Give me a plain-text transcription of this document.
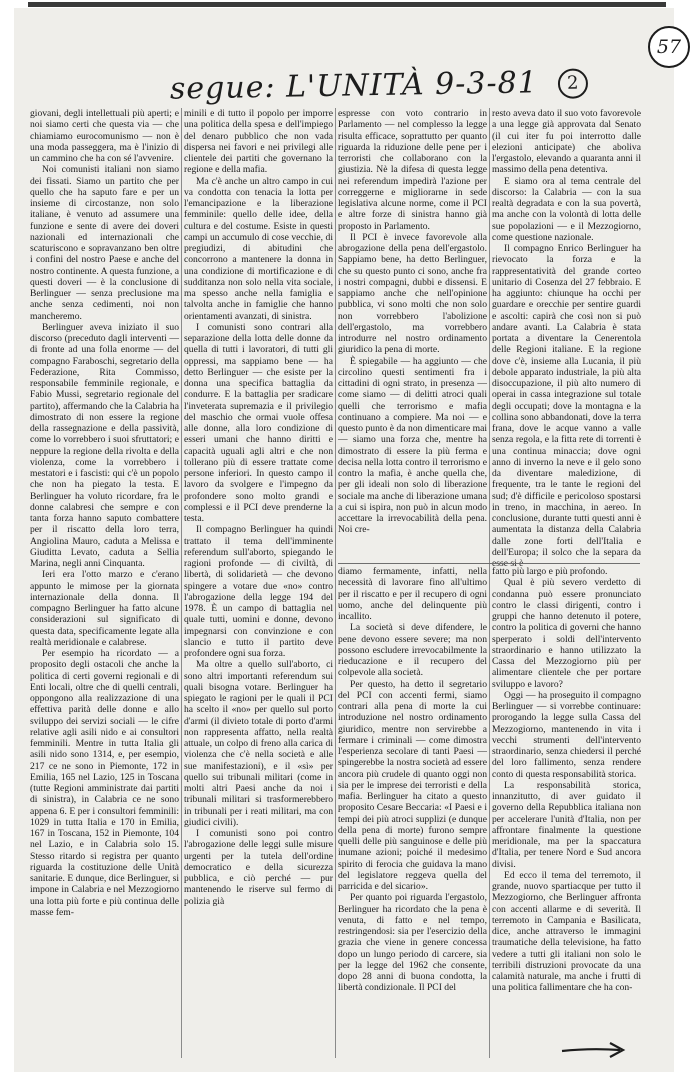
segue: L'UNITÀ 9-3-81 2
57

giovani, degli intellettuali più aperti; e noi siamo certi che questa via — che chiamiamo eurocomunismo — non è una moda passeggera, ma è l'inizio di un cammino che ha con sé l'avvenire.

Noi comunisti italiani non siamo dei fissati. Siamo un partito che per quello che ha saputo fare e per un insieme di circostanze, non solo italiane, è venuto ad assumere una funzione e sente di avere dei doveri nazionali ed internazionali che scaturiscono e sopravanzano ben oltre i confini del nostro Paese e anche del nostro continente. A questa funzione, a questi doveri — è la conclusione di Berlinguer — senza preclusione ma anche senza cedimenti, noi non mancheremo.

Berlinguer aveva iniziato il suo discorso (preceduto dagli interventi — di fronte ad una folla enorme — del compagno Faraboschi, segretario della Federazione, Rita Commisso, responsabile femminile regionale, e Fabio Mussi, segretario regionale del partito), affermando che la Calabria ha dimostrato di non essere la regione della rassegnazione e della passività, come lo vorrebbero i suoi sfruttatori; e neppure la regione della rivolta e della violenza, come la vorrebbero i mestatori e i fascisti: qui c'è un popolo che non ha piegato la testa. E Berlinguer ha voluto ricordare, fra le donne calabresi che sempre e con tanta forza hanno saputo combattere per il riscatto della loro terra, Angiolina Mauro, caduta a Melissa e Giuditta Levato, caduta a Sellia Marina, negli anni Cinquanta.

Ieri era l'otto marzo e c'erano appunto le mimose per la giornata internazionale della donna. Il compagno Berlinguer ha fatto alcune considerazioni sul significato di questa data, specificamente legate alla realtà meridionale e calabrese.

Per esempio ha ricordato — a proposito degli ostacoli che anche la politica di certi governi regionali e di Enti locali, oltre che di quelli centrali, oppongono alla realizzazione di una effettiva parità delle donne e allo sviluppo dei servizi sociali — le cifre relative agli asili nido e ai consultori femminili. Mentre in tutta Italia gli asili nido sono 1314, e, per esempio, 217 ce ne sono in Piemonte, 172 in Emilia, 165 nel Lazio, 125 in Toscana (tutte Regioni amministrate dai partiti di sinistra), in Calabria ce ne sono appena 6. E per i consultori femminili: 1029 in tutta Italia e 170 in Emilia, 167 in Toscana, 152 in Piemonte, 104 nel Lazio, e in Calabria solo 15. Stesso ritardo si registra per quanto riguarda la costituzione delle Unità sanitarie. E dunque, dice Berlinguer, si impone in Calabria e nel Mezzogiorno una lotta più forte e più continua delle masse fem-

minili e di tutto il popolo per imporre una politica della spesa e dell'impiego del denaro pubblico che non vada dispersa nei favori e nei privilegi alle clientele dei partiti che governano la regione e della mafia.

Ma c'è anche un altro campo in cui va condotta con tenacia la lotta per l'emancipazione e la liberazione femminile: quello delle idee, della cultura e del costume. Esiste in questi campi un accumulo di cose vecchie, di pregiudizi, di abitudini che concorrono a mantenere la donna in una condizione di mortificazione e di sudditanza non solo nella vita sociale, ma spesso anche nella famiglia e talvolta anche in famiglie che hanno orientamenti avanzati, di sinistra.

I comunisti sono contrari alla separazione della lotta delle donne da quella di tutti i lavoratori, di tutti gli oppressi, ma sappiamo bene — ha detto Berlinguer — che esiste per la donna una specifica battaglia da condurre. E la battaglia per sradicare l'inveterata supremazia e il privilegio del maschio che ormai vuole offesa alle donne, alla loro condizione di esseri umani che hanno diritti e capacità uguali agli altri e che non tollerano più di essere trattate come persone inferiori. In questo campo il lavoro da svolgere e l'impegno da profondere sono molto grandi e complessi e il PCI deve prenderne la testa.

Il compagno Berlinguer ha quindi trattato il tema dell'imminente referendum sull'aborto, spiegando le ragioni profonde — di civiltà, di libertà, di solidarietà — che devono spingere a votare due «no» contro l'abrogazione della legge 194 del 1978. È un campo di battaglia nel quale tutti, uomini e donne, devono impegnarsi con convinzione e con slancio e tutto il partito deve profondere ogni sua forza.

Ma oltre a quello sull'aborto, ci sono altri importanti referendum sui quali bisogna votare. Berlinguer ha spiegato le ragioni per le quali il PCI ha scelto il «no» per quello sul porto d'armi (il divieto totale di porto d'armi non rappresenta affatto, nella realtà attuale, un colpo di freno alla carica di violenza che c'è nella società e alle sue manifestazioni), e il «sì» per quello sui tribunali militari (come in molti altri Paesi anche da noi i tribunali militari si trasformerebbero in tribunali per i reati militari, ma con giudici civili).

I comunisti sono poi contro l'abrogazione delle leggi sulle misure urgenti per la tutela dell'ordine democratico e della sicurezza pubblica, e ciò perché — pur mantenendo le riserve sul fermo di polizia già

espresse con voto contrario in Parlamento — nel complesso la legge risulta efficace, soprattutto per quanto riguarda la riduzione delle pene per i terroristi che collaborano con la giustizia. Nè la difesa di questa legge nei referendum impedirà l'azione per correggerne e migliorarne in sede legislativa alcune norme, come il PCI e altre forze di sinistra hanno già proposto in Parlamento.

Il PCI è invece favorevole alla abrogazione della pena dell'ergastolo. Sappiamo bene, ha detto Berlinguer, che su questo punto ci sono, anche fra i nostri compagni, dubbi e dissensi. E sappiamo anche che nell'opinione pubblica, vi sono molti che non solo non vorrebbero l'abolizione dell'ergastolo, ma vorrebbero introdurre nel nostro ordinamento giuridico la pena di morte.

È spiegabile — ha aggiunto — che circolino questi sentimenti fra i cittadini di ogni strato, in presenza — come siamo — di delitti atroci quali quelli che terrorismo e mafia continuano a compiere. Ma noi — e questo punto è da non dimenticare mai — siamo una forza che, mentre ha dimostrato di essere la più ferma e decisa nella lotta contro il terrorismo e contro la mafia, è anche quella che, per gli ideali non solo di liberazione sociale ma anche di liberazione umana a cui si ispira, non può in alcun modo accettare la irrevocabilità della pena. Noi cre-

diamo fermamente, infatti, nella necessità di lavorare fino all'ultimo per il riscatto e per il recupero di ogni uomo, anche del delinquente più incallito.

La società si deve difendere, le pene devono essere severe; ma non possono escludere irrevocabilmente la rieducazione e il recupero del colpevole alla società.

Per questo, ha detto il segretario del PCI con accenti fermi, siamo contrari alla pena di morte la cui introduzione nel nostro ordinamento giuridico, mentre non servirebbe a fermare i criminali — come dimostra l'esperienza secolare di tanti Paesi — spingerebbe la nostra società ad essere ancora più crudele di quanto oggi non sia per le imprese dei terroristi e della mafia. Berlinguer ha citato a questo proposito Cesare Beccaria: «I Paesi e i tempi dei più atroci supplizi (e dunque della pena di morte) furono sempre quelli delle più sanguinose e delle più inumane azioni; poiché il medesimo spirito di ferocia che guidava la mano del legislatore reggeva quella del parricida e del sicario».

Per quanto poi riguarda l'ergastolo, Berlinguer ha ricordato che la pena è venuta, di fatto e nel tempo, restringendosi: sia per l'esercizio della grazia che viene in genere concessa dopo un lungo periodo di carcere, sia per la legge del 1962 che consente, dopo 28 anni di buona condotta, la libertà condizionale. Il PCI del

resto aveva dato il suo voto favorevole a una legge già approvata dal Senato (il cui iter fu poi interrotto dalle elezioni anticipate) che aboliva l'ergastolo, elevando a quaranta anni il massimo della pena detentiva.

E siamo ora al tema centrale del discorso: la Calabria — con la sua realtà degradata e con la sua povertà, ma anche con la volontà di lotta delle sue popolazioni — e il Mezzogiorno, come questione nazionale.

Il compagno Enrico Berlinguer ha rievocato la forza e la rappresentatività del grande corteo unitario di Cosenza del 27 febbraio. E ha aggiunto: chiunque ha occhi per guardare e orecchie per sentire guardi e ascolti: capirà che così non si può andare avanti. La Calabria è stata portata a diventare la Cenerentola delle Regioni italiane. E la regione dove c'è, insieme alla Lucania, il più debole apparato industriale, la più alta disoccupazione, il più alto numero di operai in cassa integrazione sul totale degli occupati; dove la montagna e la collina sono abbandonati, dove la terra frana, dove le acque vanno a valle senza regola, e la fitta rete di torrenti è una continua minaccia; dove ogni anno di inverno la neve e il gelo sono da diventare maledizione, di frequente, tra le tante le regioni del sud; d'è difficile e pericoloso spostarsi in treno, in macchina, in aereo. In conclusione, durante tutti questi anni è aumentata la distanza della Calabria dalle zone forti dell'Italia e dell'Europa; il solco che la separa da

fatto più largo e più profondo.

Qual è più severo verdetto di condanna può essere pronunciato contro le classi dirigenti, contro i gruppi che hanno detenuto il potere, contro la politica di governi che hanno sperperato i soldi dell'intervento straordinario e hanno utilizzato la Cassa del Mezzogiorno più per alimentare clientele che per portare sviluppo e lavoro?

Oggi — ha proseguito il compagno Berlinguer — si vorrebbe continuare: prorogando la legge sulla Cassa del Mezzogiorno, mantenendo in vita i vecchi strumenti dell'intervento straordinario, senza chiedersi il perché del loro fallimento, senza rendere conto di questa responsabilità storica.

La responsabilità storica, innanzitutto, di aver guidato il governo della Repubblica italiana non per accelerare l'unità d'Italia, non per affrontare finalmente la questione meridionale, ma per la spaccatura d'Italia, per tenere Nord e Sud ancora divisi.

Ed ecco il tema del terremoto, il grande, nuovo spartiacque per tutto il Mezzogiorno, che Berlinguer affronta con accenti allarme e di severità. Il terremoto in Campania e Basilicata, dice, anche attraverso le immagini traumatiche della televisione, ha fatto vedere a tutti gli italiani non solo le terribili distruzioni provocate da una calamità naturale, ma anche i frutti di una politica fallimentare che ha con-
